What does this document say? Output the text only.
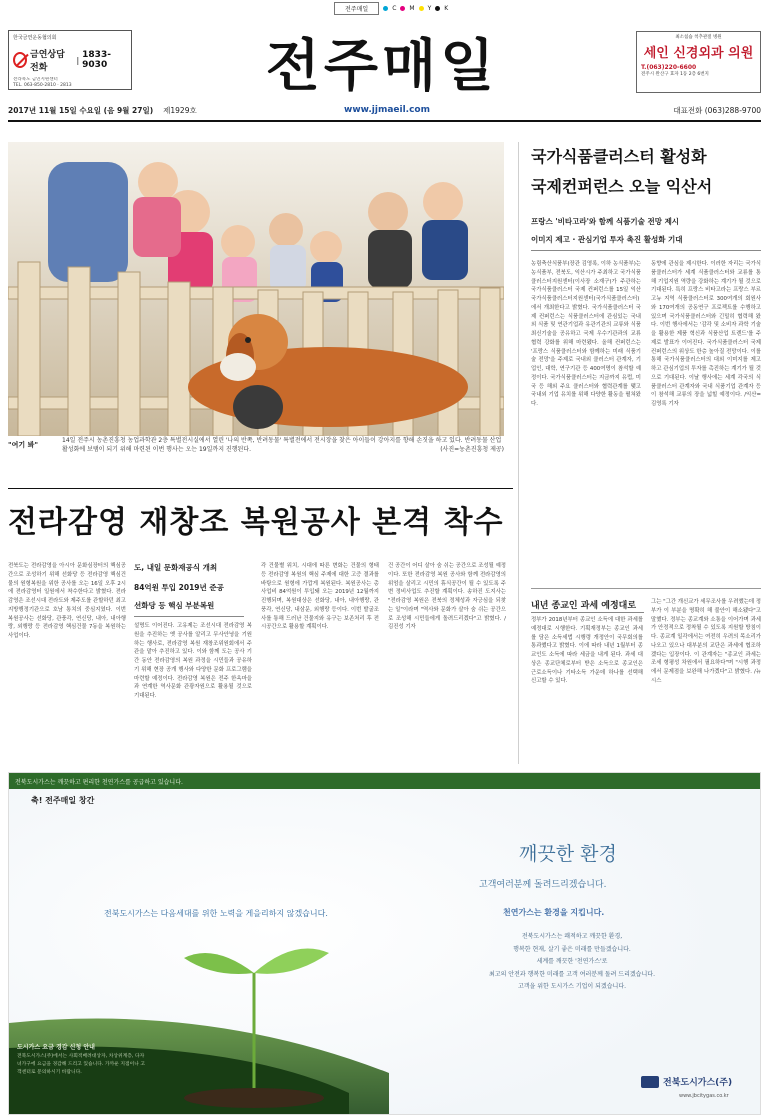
전주매일	C M Y K
한국금연운동협의회
금연상담전화
| 1833-9030
전라북도 금연지원센터
TEL. 063-850-2810 · 2813	전주매일	최소침습 척추관절 병원
세인 신경외과 의원
T.(063)220-6600
전주시 완산구 효자 1동 2층 6번지
2017년 11월 15일 수요일 (음 9월 27일) 제1929호	www.jjmaeil.com	대표전화 (063)288-9700
"여기 봐"
14일 전주시 농촌진흥청 농업과학관 2층 특별전시실에서 열린 '나의 반쪽, 반려동물' 특별전에서 전시장을 찾은 아이들이 강아지를 향해 손짓을 하고 있다. 반려동물 산업 활성화에 보탬이 되기 위해 마련된 이번 행사는 오는 19일까지 진행된다.	(사진=농촌진흥청 제공)
국가식품클러스터 활성화
국제컨퍼런스 오늘 익산서
프랑스 '비타고라'와 함께 식품기술 전망 제시
이미지 제고 · 관심기업 투자 촉진 활성화 기대
농림축산식품부(장관 김영록, 이하 농식품부)는 농식품부, 전북도, 익산시가 주최하고 국가식품클러스터지원센터(이사장 소재구)가 주관하는 국가식품클러스터 국제 컨퍼런스를 15일 익산 국가식품클러스터지원센터(국가식품클러스터)에서 개최한다고 밝혔다. 국가식품클러스터 국제 컨퍼런스는 식품클러스터에 관심있는 국내외 식품 및 연관기업과 유관기관의 교류와 식품 최신기술을 공유하고 국제 우수기관과의 교류협력 강화를 위해 마련됐다. 올해 컨퍼런스는 '프랑스 식품클러스터와 함께하는 미래 식품기술 전망'을 주제로 국내외 클러스터 관계자, 기업인, 대학, 연구기관 등 400여명이 참석할 예정이다. 국가식품클러스터는 지금까지 유럽, 미국 등 해외 주요 클러스터와 협력관계를 맺고 국내외 기업 유치를 위해 다양한 활동을 펼쳐왔다.
동향에 관심을 제시한다. 이러한 자리는 국가식품클러스터가 세계 식품클러스터와 교류를 통해 기업지원 역량을 강화하는 계기가 될 것으로 기대된다. 특히 프랑스 비타고라는 프랑스 부르고뉴 지역 식품클러스터로 300여개의 회원사와 170여개의 공동연구 프로젝트를 수행하고 있으며 국가식품클러스터와 긴밀히 협력해 왔다. 이번 행사에서는 '감각 및 소비자 과학 기술을 활용한 제품 혁신과 식품산업 트렌드'를 주제로 발표가 이어진다. 국가식품클러스터 국제 컨퍼런스의 위상도 한층 높아질 전망이다. 이를 통해 국가식품클러스터의 대외 이미지를 제고하고 관심기업의 투자를 촉진하는 계기가 될 것으로 기대된다. 이날 행사에는 세계 각국의 식품클러스터 관계자와 국내 식품기업 관계자 등이 참석해 교류의 장을 넓힐 예정이다. /익산=김영록 기자
전라감영 재창조 복원공사 본격 착수
전북도는 전라감영을 아시아 문화심장터의 핵심공간으로 조성하기 위해 선화당 등 전라감영 핵심건물의 원형복원을 위한 공사를 오는 16일 오후 2시에 전라감영터 일원에서 착수한다고 밝혔다. 전라감영은 조선시대 전라도와 제주도를 관할하던 최고 지방행정기관으로 호남 통치의 중심지였다. 이번 복원공사는 선화당, 관풍각, 연신당, 내아, 내아행랑, 외행랑 등 전라감영 핵심건물 7동을 복원하는 사업이다.
도, 내일 문화재공식 개최
84억원 투입 2019년 준공
선화당 등 핵심 부분복원
설명도 이어진다. 고유제는 조선시대 전라감영 복원을 추진하는 옛 공사를 알리고 무사안녕을 기원하는 행사로, 전라감영 복원 재창조위원회에서 주관을 맡아 추진하고 있다. 이와 함께 도는 공사 기간 동안 전라감영의 복원 과정을 시민들과 공유하기 위해 현장 공개 행사와 다양한 문화 프로그램을 마련할 예정이다. 전라감영 복원은 전주 한옥마을과 연계한 역사문화 관광자원으로 활용될 것으로 기대된다.
각 건물별 위치, 시대에 따른 변화는 건물의 형태 등 전라감영 복원의 핵심 주제에 대한 고증 결과를 바탕으로 원형에 가깝게 복원된다. 복원공사는 총사업비 84억원이 투입돼 오는 2019년 12월까지 진행되며, 복원대상은 선화당, 내아, 내아행랑, 관풍각, 연신당, 내삼문, 외행랑 등이다. 이번 발굴조사를 통해 드러난 건물지와 유구는 보존처리 후 전시공간으로 활용할 계획이다.
건 공간이 어디 살아 숨 쉬는 공간으로 조성될 예정이다. 또한 전라감영 복원 공사와 함께 전라감영의 위엄을 살리고 시민의 휴식공간이 될 수 있도록 주변 정비사업도 추진할 계획이다. 송하진 도지사는 "전라감영 복원은 전북의 정체성과 자긍심을 되찾는 일"이라며 "역사와 문화가 살아 숨 쉬는 공간으로 조성해 시민들에게 돌려드리겠다"고 밝혔다. /김진성 기자
내년 종교인 과세 예정대로
정부가 2018년부터 종교인 소득에 대한 과세를 예정대로 시행한다. 기획재정부는 종교인 과세를 담은 소득세법 시행령 개정안이 국무회의를 통과했다고 밝혔다. 이에 따라 내년 1월부터 종교인도 소득에 따라 세금을 내게 된다. 과세 대상은 종교단체로부터 받은 소득으로 종교인은 근로소득이나 기타소득 가운데 하나를 선택해 신고할 수 있다.
그는 "그간 개신교가 세무조사를 우려했는데 정부가 이 부분을 명확히 해 불안이 해소됐다"고 말했다. 정부는 종교계와 소통을 이어가며 과세가 안정적으로 정착될 수 있도록 지원할 방침이다. 종교계 일각에서는 여전히 우려의 목소리가 나오고 있으나 대부분의 교단은 과세에 협조하겠다는 입장이다. 이 관계자는 "종교인 과세는 조세 형평성 차원에서 필요하다"며 "시행 과정에서 문제점을 보완해 나가겠다"고 밝혔다. /뉴시스
전북도시가스는 깨끗하고 편리한 천연가스를 공급하고 있습니다.
축! 전주매일 창간
전북도시가스는 다음세대를 위한 노력을 게을리하지 않겠습니다.
깨끗한 환경
고객여러분께 돌려드리겠습니다.
천연가스는 환경을 지킵니다.
전북도시가스는 쾌적하고 깨끗한 환경,
행복한 현재, 살기 좋은 미래를 만들겠습니다.
세계를 깨끗한 '천연가스'로
최고의 안전과 행복한 미래를 고객 여러분께 돌려 드리겠습니다.
고객을 위한 도시가스 기업이 되겠습니다.
도시가스 요금 경감 신청 안내
전북도시가스(주)에서는 사회적배려대상자, 차상위계층, 다자녀가구에 요금을 경감해 드리고 있습니다. 가까운 지점이나 고객센터로 문의하시기 바랍니다.
전북도시가스(주)
www.jbcitygas.co.kr
